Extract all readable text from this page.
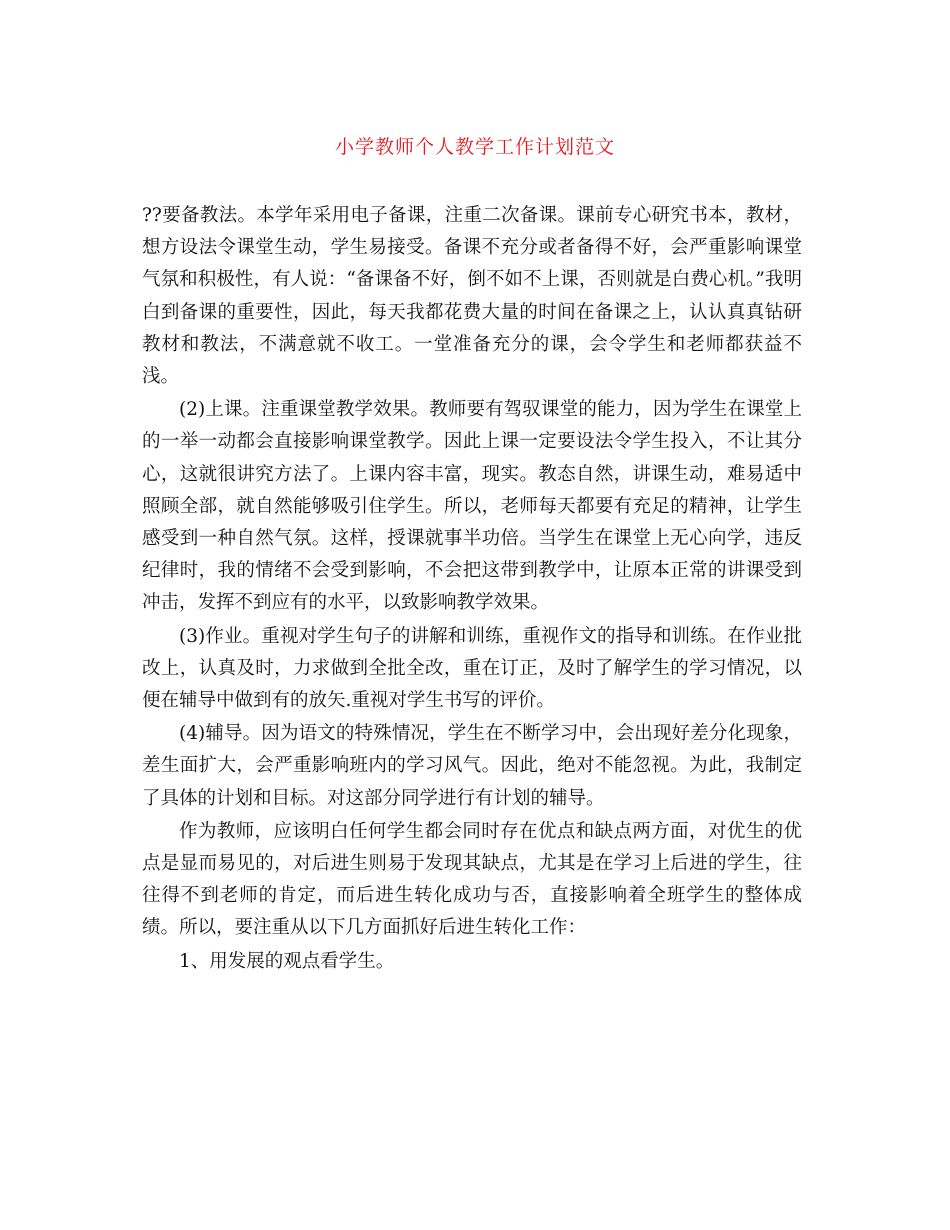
小学教师个人教学工作计划范文

??要备教法。本学年采用电子备课，注重二次备课。课前专心研究书本，教材，想方设法令课堂生动，学生易接受。备课不充分或者备得不好，会严重影响课堂气氛和积极性，有人说：“备课备不好，倒不如不上课，否则就是白费心机。”我明白到备课的重要性，因此，每天我都花费大量的时间在备课之上，认认真真钻研教材和教法，不满意就不收工。一堂准备充分的课，会令学生和老师都获益不浅。

(2)上课。注重课堂教学效果。教师要有驾驭课堂的能力，因为学生在课堂上的一举一动都会直接影响课堂教学。因此上课一定要设法令学生投入，不让其分心，这就很讲究方法了。上课内容丰富，现实。教态自然，讲课生动，难易适中照顾全部，就自然能够吸引住学生。所以，老师每天都要有充足的精神，让学生感受到一种自然气氛。这样，授课就事半功倍。当学生在课堂上无心向学，违反纪律时，我的情绪不会受到影响，不会把这带到教学中，让原本正常的讲课受到冲击，发挥不到应有的水平，以致影响教学效果。

(3)作业。重视对学生句子的讲解和训练，重视作文的指导和训练。在作业批改上，认真及时，力求做到全批全改，重在订正，及时了解学生的学习情况，以便在辅导中做到有的放矢.重视对学生书写的评价。

(4)辅导。因为语文的特殊情况，学生在不断学习中，会出现好差分化现象，差生面扩大，会严重影响班内的学习风气。因此，绝对不能忽视。为此，我制定了具体的计划和目标。对这部分同学进行有计划的辅导。

作为教师，应该明白任何学生都会同时存在优点和缺点两方面，对优生的优点是显而易见的，对后进生则易于发现其缺点，尤其是在学习上后进的学生，往往得不到老师的肯定，而后进生转化成功与否，直接影响着全班学生的整体成绩。所以，要注重从以下几方面抓好后进生转化工作：

1、用发展的观点看学生。
